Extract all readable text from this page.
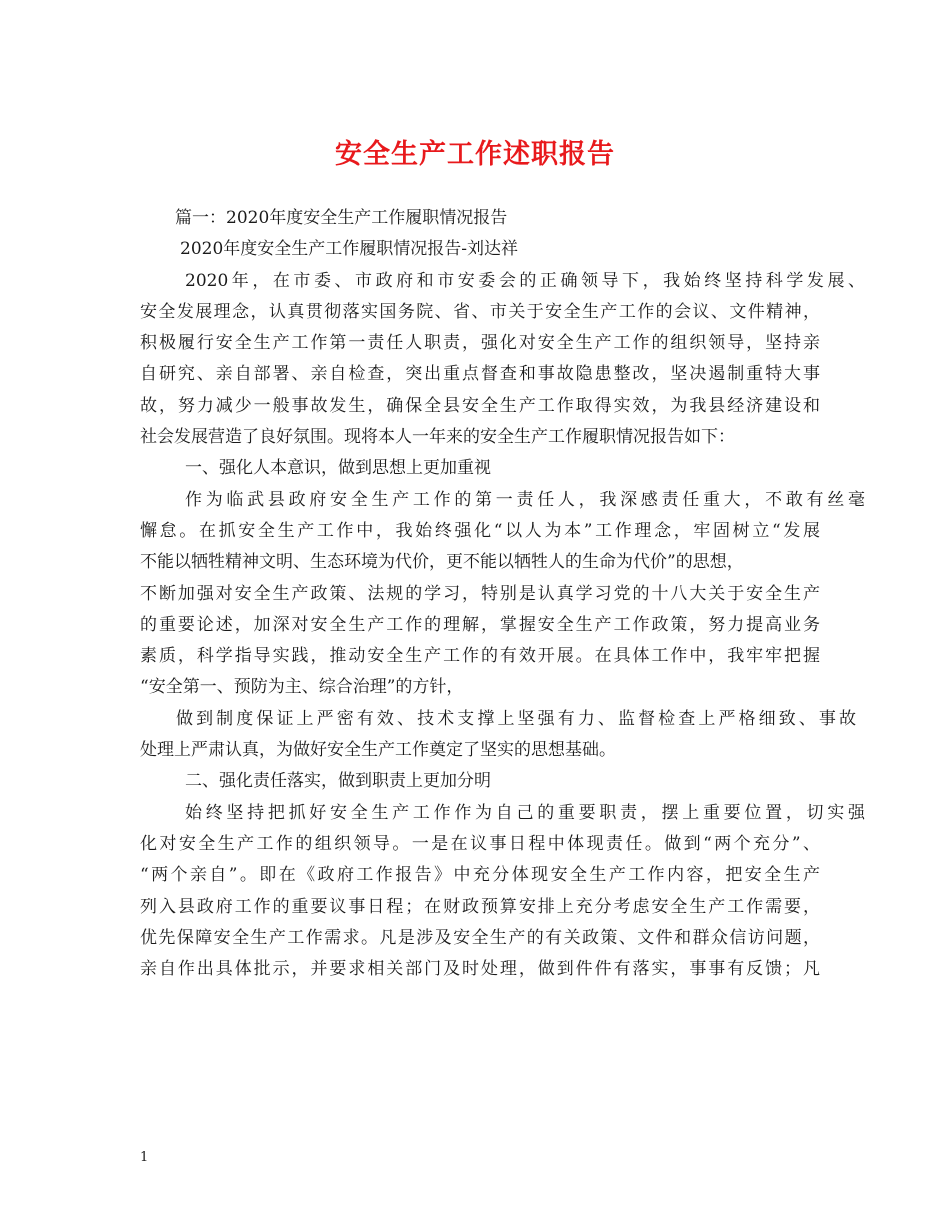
安全生产工作述职报告

篇一：2020年度安全生产工作履职情况报告

2020年度安全生产工作履职情况报告-刘达祥

2020年，在市委、市政府和市安委会的正确领导下，我始终坚持科学发展、

安全发展理念，认真贯彻落实国务院、省、市关于安全生产工作的会议、文件精神，

积极履行安全生产工作第一责任人职责，强化对安全生产工作的组织领导，坚持亲

自研究、亲自部署、亲自检查，突出重点督查和事故隐患整改，坚决遏制重特大事

故，努力减少一般事故发生，确保全县安全生产工作取得实效，为我县经济建设和

社会发展营造了良好氛围。现将本人一年来的安全生产工作履职情况报告如下：

一、强化人本意识，做到思想上更加重视

作为临武县政府安全生产工作的第一责任人，我深感责任重大，不敢有丝毫

懈怠。在抓安全生产工作中，我始终强化“以人为本”工作理念，牢固树立“发展

不能以牺牲精神文明、生态环境为代价，更不能以牺牲人的生命为代价”的思想，

不断加强对安全生产政策、法规的学习，特别是认真学习党的十八大关于安全生产

的重要论述，加深对安全生产工作的理解，掌握安全生产工作政策，努力提高业务

素质，科学指导实践，推动安全生产工作的有效开展。在具体工作中，我牢牢把握

“安全第一、预防为主、综合治理”的方针，

做到制度保证上严密有效、技术支撑上坚强有力、监督检查上严格细致、事故

处理上严肃认真，为做好安全生产工作奠定了坚实的思想基础。

二、强化责任落实，做到职责上更加分明

始终坚持把抓好安全生产工作作为自己的重要职责，摆上重要位置，切实强

化对安全生产工作的组织领导。一是在议事日程中体现责任。做到“两个充分”、

“两个亲自”。即在《政府工作报告》中充分体现安全生产工作内容，把安全生产

列入县政府工作的重要议事日程；在财政预算安排上充分考虑安全生产工作需要，

优先保障安全生产工作需求。凡是涉及安全生产的有关政策、文件和群众信访问题，

亲自作出具体批示，并要求相关部门及时处理，做到件件有落实，事事有反馈；凡

1
